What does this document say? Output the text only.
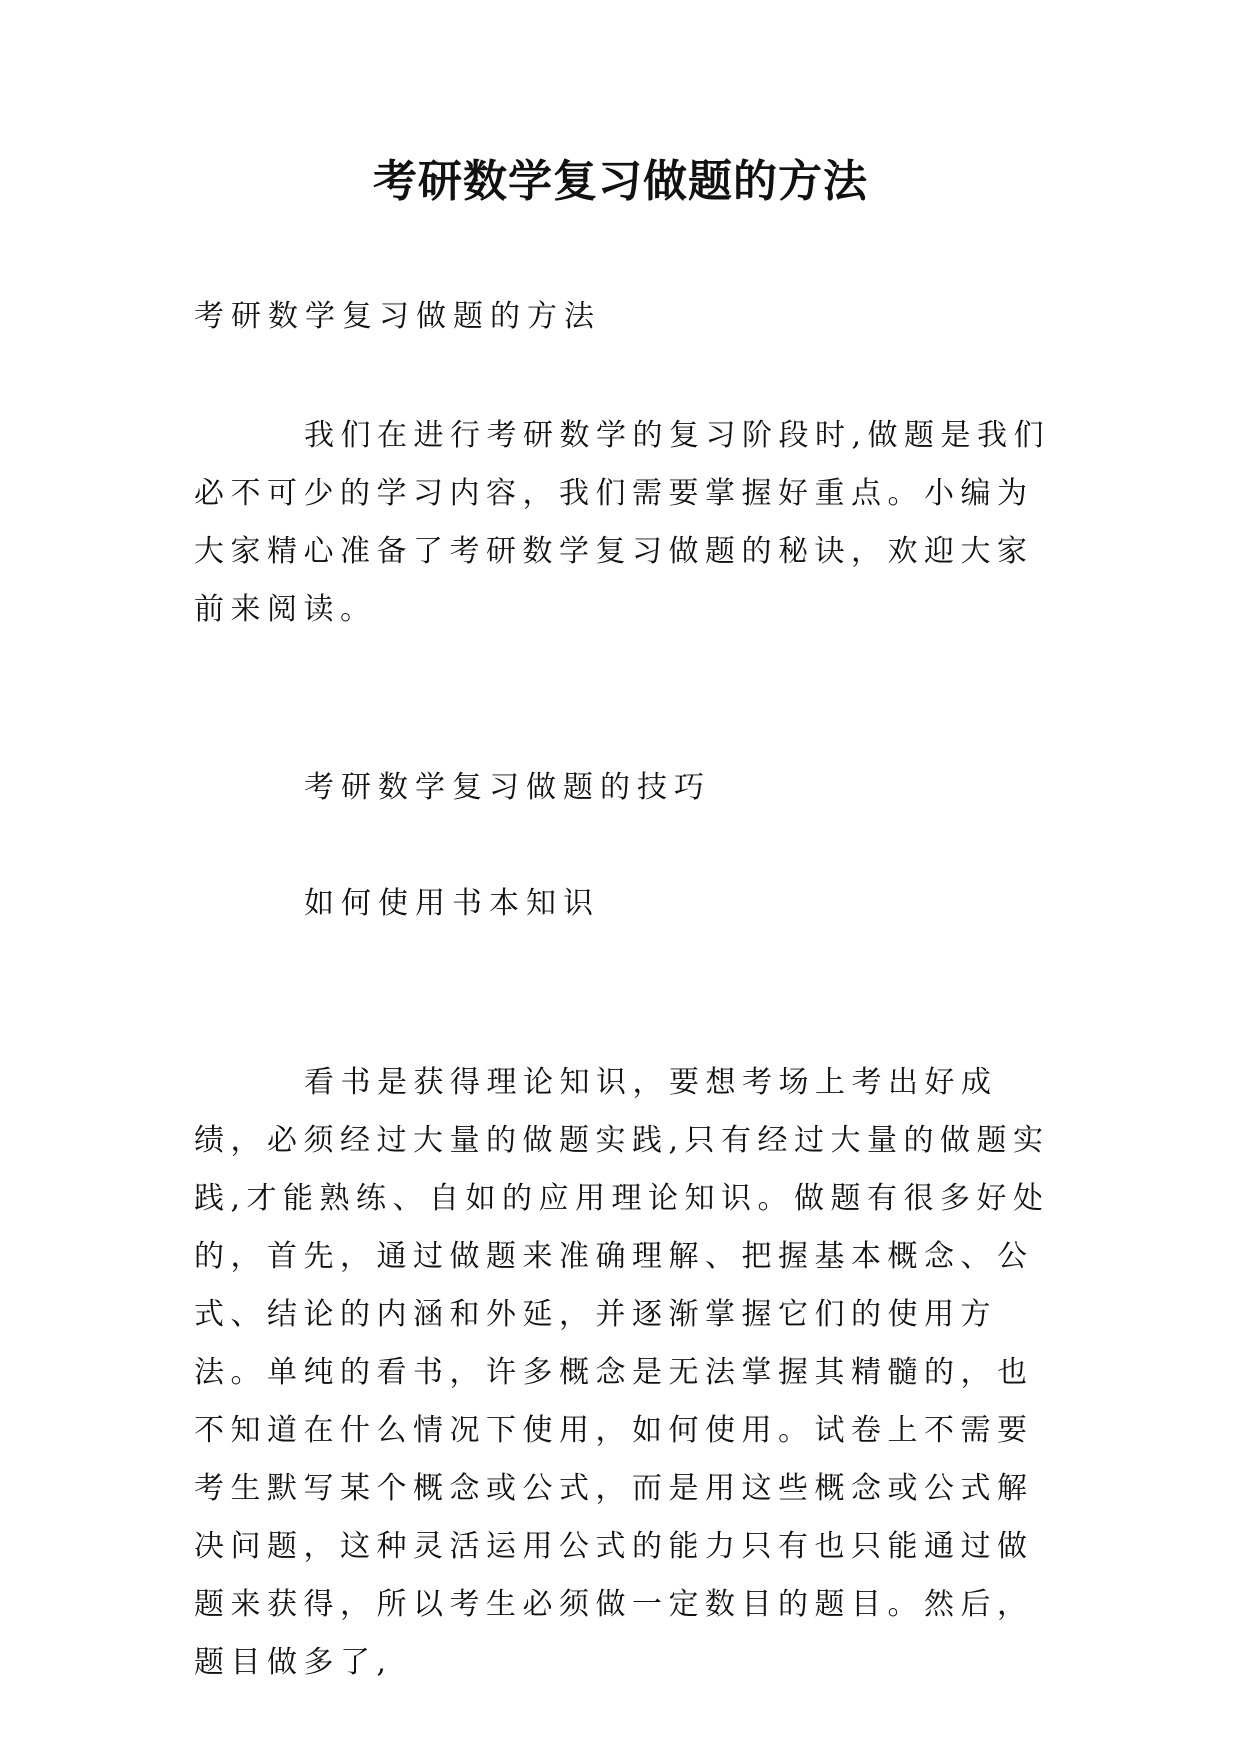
考研数学复习做题的方法

考研数学复习做题的方法

我们在进行考研数学的复习阶段时,做题是我们必不可少的学习内容，我们需要掌握好重点。小编为大家精心准备了考研数学复习做题的秘诀，欢迎大家前来阅读。

考研数学复习做题的技巧

如何使用书本知识

看书是获得理论知识，要想考场上考出好成绩，必须经过大量的做题实践,只有经过大量的做题实践,才能熟练、自如的应用理论知识。做题有很多好处的，首先，通过做题来准确理解、把握基本概念、公式、结论的内涵和外延，并逐渐掌握它们的使用方法。单纯的看书，许多概念是无法掌握其精髓的，也不知道在什么情况下使用，如何使用。试卷上不需要考生默写某个概念或公式，而是用这些概念或公式解决问题，这种灵活运用公式的能力只有也只能通过做题来获得，所以考生必须做一定数目的题目。然后，题目做多了,
